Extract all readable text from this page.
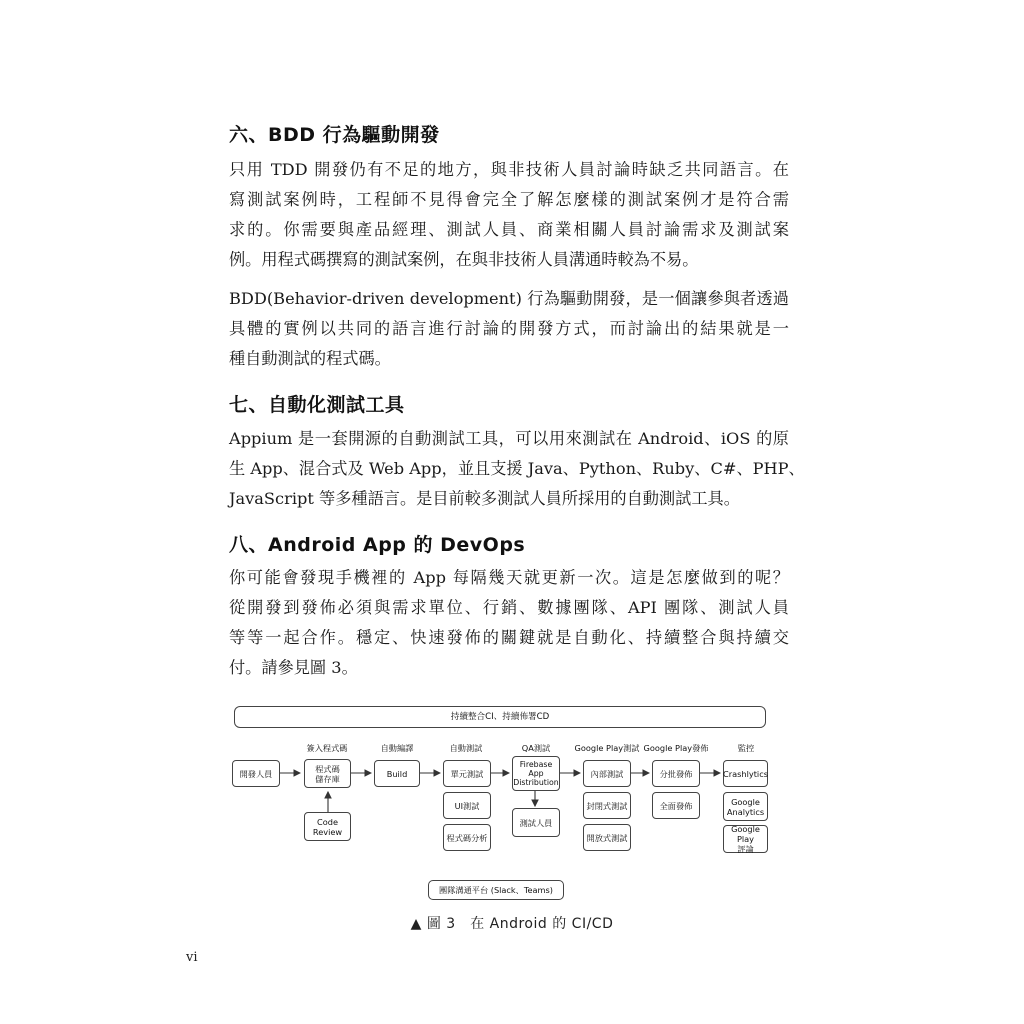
六、BDD 行為驅動開發
只用 TDD 開發仍有不足的地方，與非技術人員討論時缺乏共同語言。在
寫測試案例時，工程師不見得會完全了解怎麼樣的測試案例才是符合需
求的。你需要與產品經理、測試人員、商業相關人員討論需求及測試案
例。用程式碼撰寫的測試案例，在與非技術人員溝通時較為不易。
BDD(Behavior-driven development) 行為驅動開發，是一個讓參與者透過
具體的實例以共同的語言進行討論的開發方式，而討論出的結果就是一
種自動測試的程式碼。
七、自動化測試工具
Appium 是一套開源的自動測試工具，可以用來測試在 Android、iOS 的原
生 App、混合式及 Web App，並且支援 Java、Python、Ruby、C#、PHP、
JavaScript 等多種語言。是目前較多測試人員所採用的自動測試工具。
八、Android App 的 DevOps
你可能會發現手機裡的 App 每隔幾天就更新一次。這是怎麼做到的呢？
從開發到發佈必須與需求單位、行銷、數據團隊、API 團隊、測試人員
等等一起合作。穩定、快速發佈的關鍵就是自動化、持續整合與持續交
付。請參見圖 3。
持續整合CI、持續佈署CD
簽入程式碼	自動編譯	自動測試	QA測試	Google Play測試 Google Play發佈	監控
開發人員	程式碼
儲存庫
Code Review
Build	單元測試
UI測試
程式碼分析
Firebase
App
Distribution
測試人員
內部測試
封閉式測試
開放式測試
分批發佈
全面發佈
Crashlytics
Google
Analytics
Google Play
評論
團隊溝通平台 (Slack、Teams)
▲ 圖 3　在 Android 的 CI/CD
vi
